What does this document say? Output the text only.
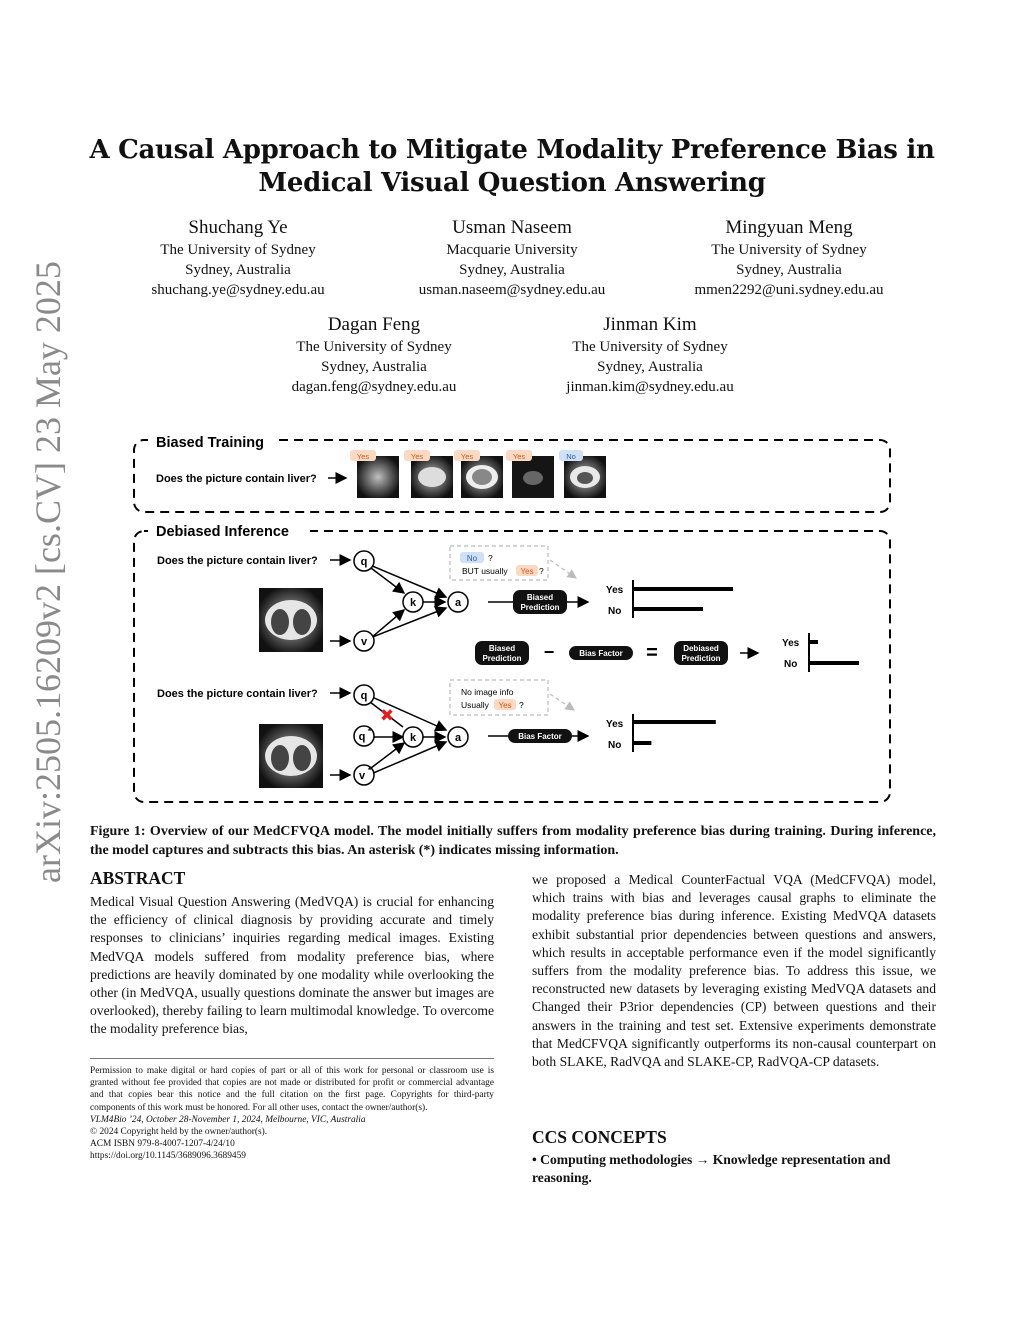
A Causal Approach to Mitigate Modality Preference Bias in
Medical Visual Question Answering
Shuchang Ye
The University of Sydney
Sydney, Australia
shuchang.ye@sydney.edu.au
Usman Naseem
Macquarie University
Sydney, Australia
usman.naseem@sydney.edu.au
Mingyuan Meng
The University of Sydney
Sydney, Australia
mmen2292@uni.sydney.edu.au
Dagan Feng
The University of Sydney
Sydney, Australia
dagan.feng@sydney.edu.au
Jinman Kim
The University of Sydney
Sydney, Australia
jinman.kim@sydney.edu.au
arXiv:2505.16209v2 [cs.CV] 23 May 2025	Biased Training
Does the picture contain liver?
Yes	Yes	Yes	Yes	No
Debiased Inference
Does the picture contain liver?	q
v
k	a
No ?
BUT usually Yes ?
Biased
Prediction
Yes
No
Biased
Prediction −	Bias Factor =	Debiased
Prediction
Yes
No
Does the picture contain liver?
✖
q
q *
v *
k	a
No image info
Usually Yes ?
Bias Factor
Yes
No
Figure 1: Overview of our MedCFVQA model. The model initially suffers from modality preference bias during training. During inference, the model captures and subtracts this bias. An asterisk (*) indicates missing information.
ABSTRACT

Medical Visual Question Answering (MedVQA) is crucial for enhancing the efficiency of clinical diagnosis by providing accurate and timely responses to clinicians’ inquiries regarding medical images. Existing MedVQA models suffered from modality preference bias, where predictions are heavily dominated by one modality while overlooking the other (in MedVQA, usually questions dominate the answer but images are overlooked), thereby failing to learn multimodal knowledge. To overcome the modality preference bias,

we proposed a Medical CounterFactual VQA (MedCFVQA) model, which trains with bias and leverages causal graphs to eliminate the modality preference bias during inference. Existing MedVQA datasets exhibit substantial prior dependencies between questions and answers, which results in acceptable performance even if the model significantly suffers from the modality preference bias. To address this issue, we reconstructed new datasets by leveraging existing MedVQA datasets and Changed their P3rior dependencies (CP) between questions and their answers in the training and test set. Extensive experiments demonstrate that MedCFVQA significantly outperforms its non-causal counterpart on both SLAKE, RadVQA and SLAKE-CP, RadVQA-CP datasets.

Permission to make digital or hard copies of part or all of this work for personal or classroom use is granted without fee provided that copies are not made or distributed for profit or commercial advantage and that copies bear this notice and the full citation on the first page. Copyrights for third-party components of this work must be honored. For all other uses, contact the owner/author(s).
VLM4Bio ’24, October 28-November 1, 2024, Melbourne, VIC, Australia
© 2024 Copyright held by the owner/author(s).
ACM ISBN 979-8-4007-1207-4/24/10
https://doi.org/10.1145/3689096.3689459
CCS CONCEPTS
• Computing methodologies → Knowledge representation and reasoning.
